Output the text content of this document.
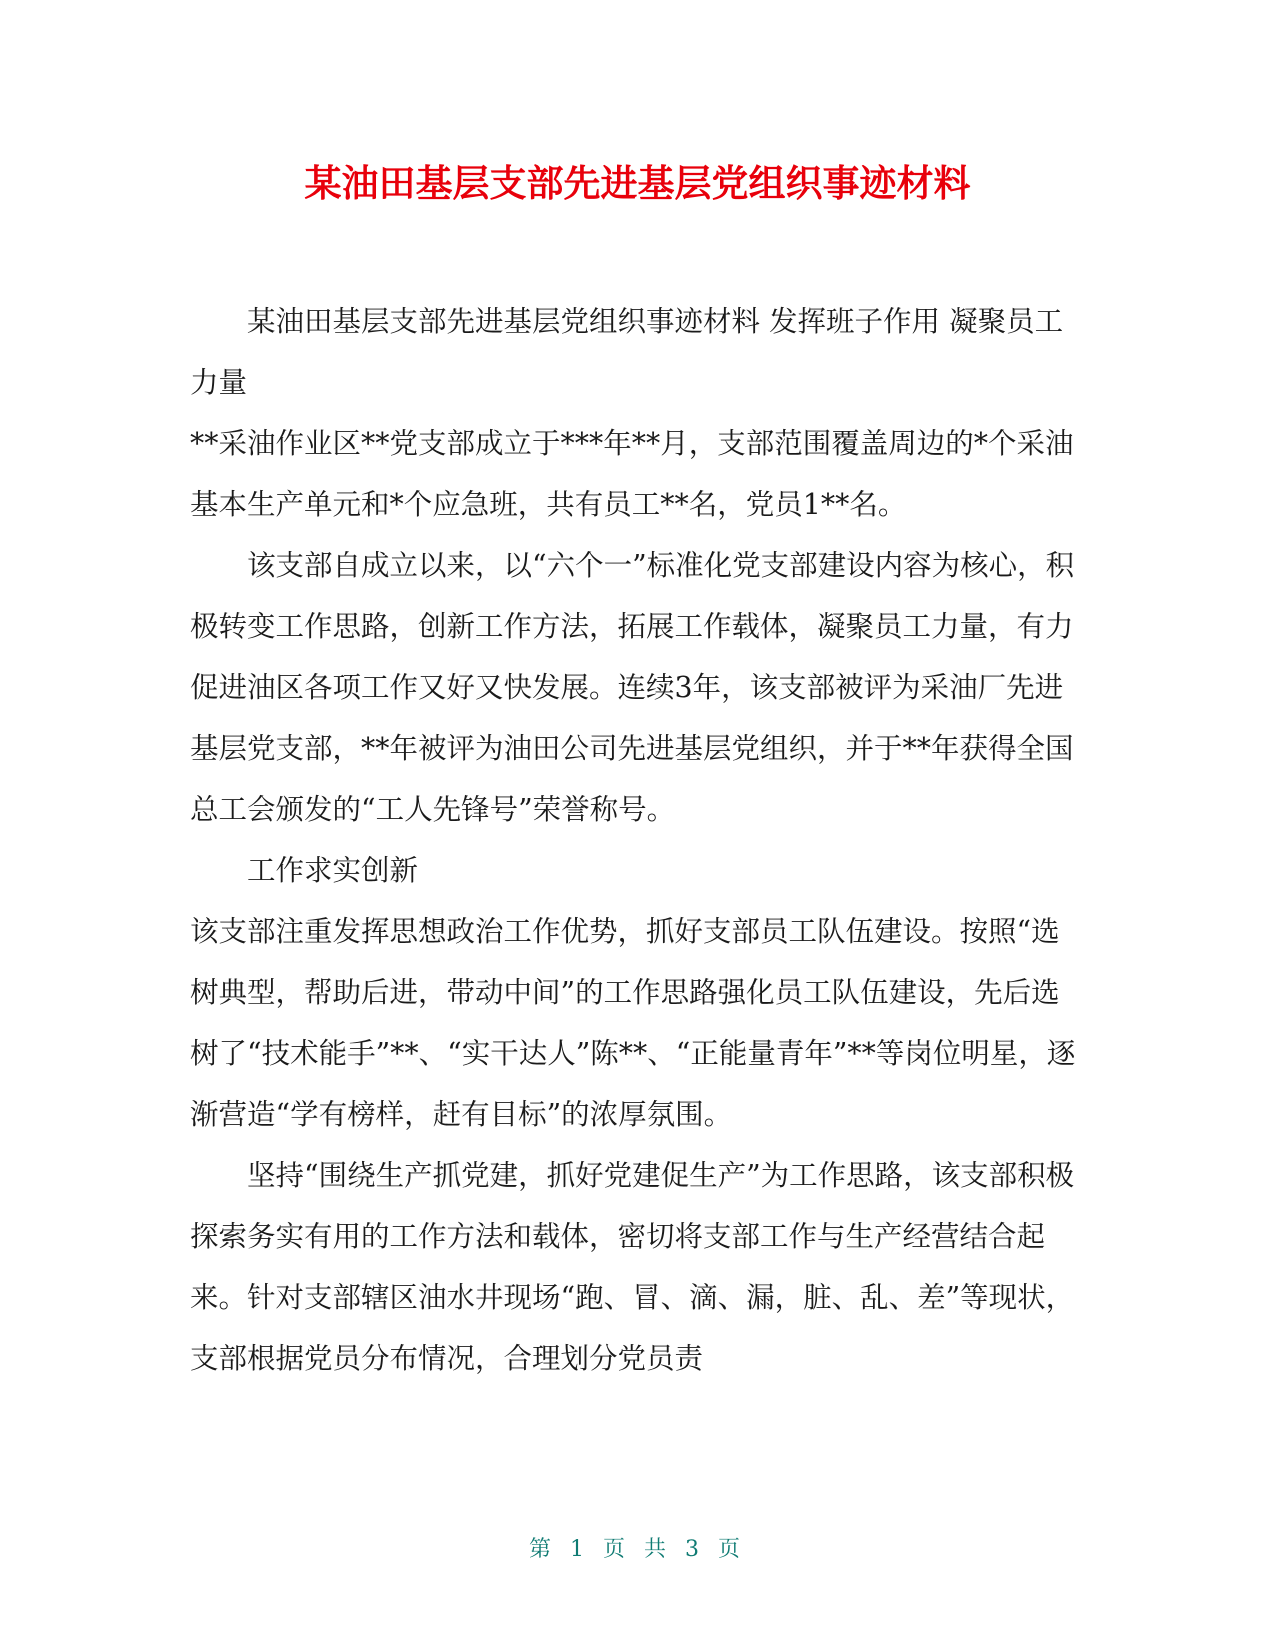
某油田基层支部先进基层党组织事迹材料

某油田基层支部先进基层党组织事迹材料 发挥班子作用 凝聚员工力量

**采油作业区**党支部成立于***年**月，支部范围覆盖周边的*个采油基本生产单元和*个应急班，共有员工**名，党员1**名。

该支部自成立以来，以“六个一”标准化党支部建设内容为核心，积极转变工作思路，创新工作方法，拓展工作载体，凝聚员工力量，有力促进油区各项工作又好又快发展。连续3年，该支部被评为采油厂先进基层党支部，**年被评为油田公司先进基层党组织，并于**年获得全国总工会颁发的“工人先锋号”荣誉称号。

工作求实创新

该支部注重发挥思想政治工作优势，抓好支部员工队伍建设。按照“选树典型，帮助后进，带动中间”的工作思路强化员工队伍建设，先后选树了“技术能手”**、“实干达人”陈**、“正能量青年”**等岗位明星，逐渐营造“学有榜样，赶有目标”的浓厚氛围。

坚持“围绕生产抓党建，抓好党建促生产”为工作思路，该支部积极探索务实有用的工作方法和载体，密切将支部工作与生产经营结合起来。针对支部辖区油水井现场“跑、冒、滴、漏，脏、乱、差”等现状，支部根据党员分布情况，合理划分党员责

第 1 页 共 3 页
